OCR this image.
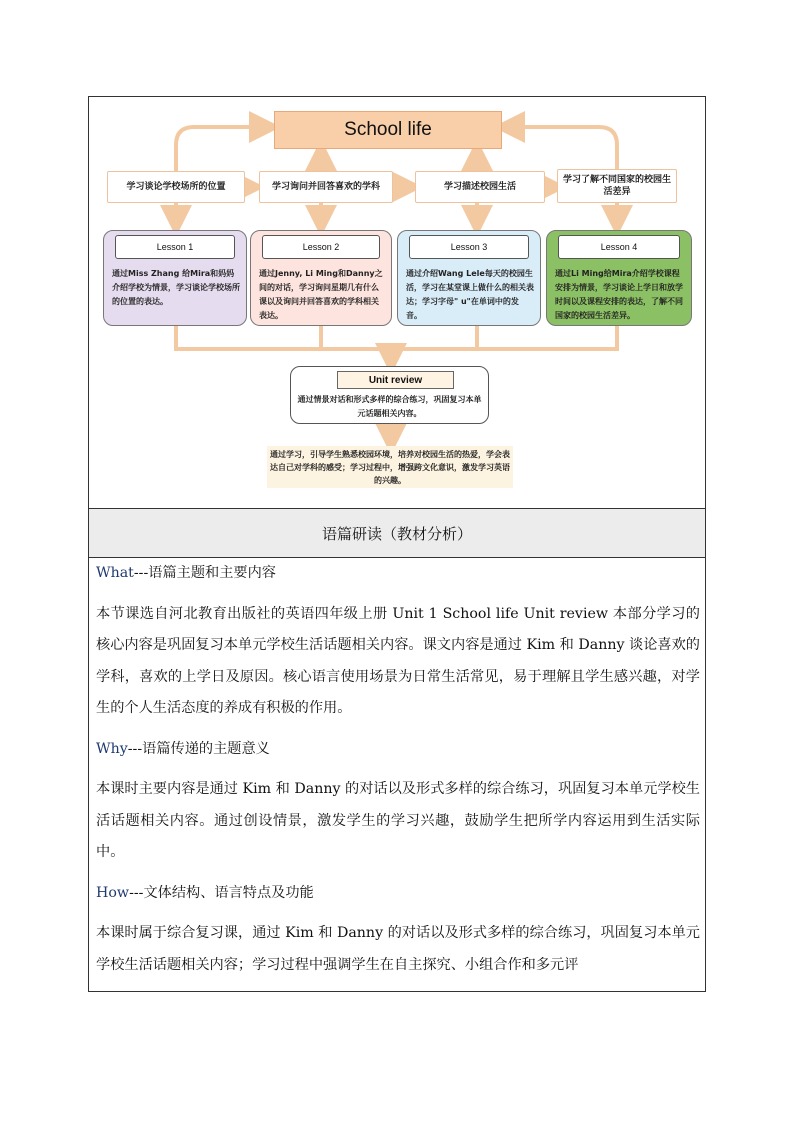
School life
学习谈论学校场所的位置	学习询问并回答喜欢的学科	学习描述校园生活
学习了解不同国家的校园生活差异
Lesson 1
通过Miss Zhang 给Mira和妈妈介绍学校为情景，学习谈论学校场所的位置的表达。
Lesson 2
通过Jenny, Li Ming和Danny之间的对话，学习询问星期几有什么课以及询问并回答喜欢的学科相关表达。
Lesson 3
通过介绍Wang Lele每天的校园生活，学习在某堂课上做什么的相关表达；学习字母" u"在单词中的发音。
Lesson 4
通过Li Ming给Mira介绍学校课程安排为情景，学习谈论上学日和放学时间以及课程安排的表达，了解不同国家的校园生活差异。
Unit review
通过情景对话和形式多样的综合练习，巩固复习本单元话题相关内容。
通过学习，引导学生熟悉校园环境，培养对校园生活的热爱，学会表达自己对学科的感受；学习过程中，增强跨文化意识，激发学习英语的兴趣。
语篇研读（教材分析）

What---语篇主题和主要内容

本节课选自河北教育出版社的英语四年级上册 Unit 1 School life Unit review 本部分学习的核心内容是巩固复习本单元学校生活话题相关内容。课文内容是通过 Kim 和 Danny 谈论喜欢的学科，喜欢的上学日及原因。核心语言使用场景为日常生活常见，易于理解且学生感兴趣，对学生的个人生活态度的养成有积极的作用。

Why---语篇传递的主题意义

本课时主要内容是通过 Kim 和 Danny 的对话以及形式多样的综合练习，巩固复习本单元学校生活话题相关内容。通过创设情景，激发学生的学习兴趣，鼓励学生把所学内容运用到生活实际中。

How---文体结构、语言特点及功能

本课时属于综合复习课，通过 Kim 和 Danny 的对话以及形式多样的综合练习，巩固复习本单元学校生活话题相关内容；学习过程中强调学生在自主探究、小组合作和多元评
